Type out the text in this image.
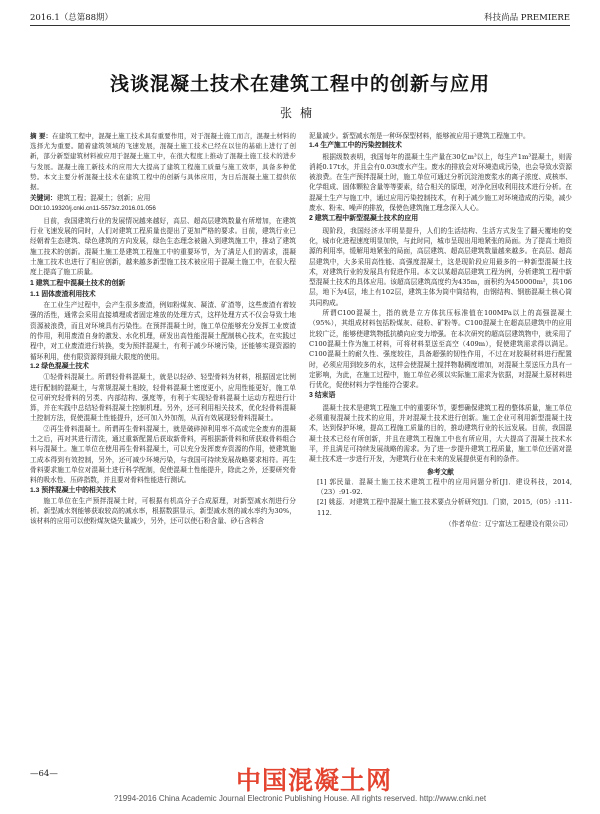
2016.1（总第88期）	科技尚品 PREMIERE
浅谈混凝土技术在建筑工程中的创新与应用
张楠
摘 要：在建筑工程中，混凝土施工技术具有重要作用，对于混凝土施工而言，混凝土材料的选择尤为重要。随着建筑领域的飞速发展，混凝土施工技术已经在以往的基础上进行了创新，部分新型建筑材料被应用于混凝土施工中，在很大程度上推动了混凝土施工技术的进步与发展。混凝土施工新技术的应用大大提高了建筑工程施工质量与施工效率，具备多种优势。本文主要分析混凝土技术在建筑工程中的创新与具体应用，为日后混凝土施工提供依据。
关键词：建筑工程；混凝土；创新；应用
DOI:10.19320/j.cnki.cn11-5573/z.2016.01.056

目前，我国建筑行业的发展情况越来越好，高层、超高层建筑数量有所增加，在建筑行业飞速发展的同时，人们对建筑工程质量也提出了更加严格的要求。目前，建筑行业已经朝着生态建筑、绿色建筑的方向发展，绿色生态理念被融入到建筑施工中，推动了建筑施工技术的创新。混凝土施工是建筑工程施工中的重要环节，为了满足人们的需求，混凝土施工技术也进行了相应创新，越来越多新型施工技术被应用于混凝土施工中，在很大程度上提高了施工质量。

1 建筑工程中混凝土技术的创新
1.1 固体废渣利用技术

在工业生产过程中，会产生很多废渣，例如粉煤灰、凝渣、矿渣等，这些废渣有着较强的活性，通常会采用直接填埋或者固定堆放的处理方式，这样处理方式不仅会导致土地资源被浪费，而且对环境具有污染性。在预拌混凝土时，施工单位能够充分发挥工业废渣的作用，利用废渣自身的激发、水化机理，研发出高性能混凝土配制核心技术，在实践过程中，对工业废渣进行转换，变为预拌混凝土，有利于减少环境污染，还能够实现资源的循环利用，使有限资源得到最大限度的使用。

1.2 绿色混凝土技术

①轻骨料混凝土。所谓轻骨料混凝土，就是以轻砂、轻型骨料为材料，根据固定比例进行配制的混凝土，与常规混凝土相较，轻骨料混凝土密度更小，应用性能更好，施工单位可研究轻骨料的另类、内部结构、强度等，有利于实现轻骨料混凝土运动方程进行计算，并在实践中总结轻骨料混凝土控制机理。另外，还可利用相关技术，优化轻骨料混凝土控制方法，促使混凝土性能提升，还可加入外加剂，从而有效展现轻骨料混凝土。

②再生骨料混凝土。所谓再生骨料混凝土，就是破碎掉利用率不高或完全废弃的混凝土之后，再对其进行清洗，通过重新配置后获取新骨料，再根据新骨料和所获取骨料组合料与混凝土。施工单位在使用再生骨料混凝土，可以充分发挥废弃资源的作用，使建筑施工成本得到有效控制，另外，还可减少环境污染，与我国可持续发展战略要求相符。再生骨料要求施工单位对混凝土进行科学配制，促使混凝土性能提升，除此之外，还要研究骨料的吸水性、压碎指数，并且要对骨料性能进行测试。

1.3 预拌混凝土中的相关技术

施工单位在生产预拌混凝土时，可根据有机高分子合成原理，对新型减水剂进行分析。新型减水剂能够获取较高的减水率，根据数据显示，新型减水剂的减水率约为30%，该材料的应用可以使粉煤灰烧失量减少，另外，还可以使石粉含量、砂石含料含

泥量减少。新型减水剂是一种环保型材料，能够被应用于建筑工程施工中。

1.4 生产施工中的污染控制技术

根据级数表明，我国每年的混凝土生产量在30亿m³以上，每生产1m³混凝土，则需消耗0.17t水，并且会有0.03t废水产生。废水的排放会对环境造成污染，也会导致水资源被浪费。在生产预拌混凝土时，施工单位可通过分析沉淀池废浆水的离子浓度、成核率、化学组成、固体颗粒含量等等要素，结合相关的原理，对净化回收利用技术进行分析。在混凝土生产与施工中，通过应用污染控制技术，有利于减少施工对环境造成的污染，减少废水、粉末、噪声的排放，保使色建筑施工理念深入人心。

2 建筑工程中新型混凝土技术的应用

现阶段，我国经济水平明显提升，人们的生活结构、生活方式发生了翻天覆地的变化，城市化进程速度明显加快，与此时同，城市呈现出用地紧张的局面。为了提高土地资源的利用率，缓解用地紧张的局面，高层建筑、超高层建筑数量越来越多。在高层、超高层建筑中，大多采用高性能、高强度混凝土，这是现阶段应用最多的一种新型混凝土技术，对建筑行业的发展具有促进作用。本文以某超高层建筑工程为例，分析建筑工程中新型混凝土技术的具体应用。该超高层建筑高度约为435m，面积约为450000m²，共106层，地下为4层，地上有102层，建筑主体为筒中筒结构，由钢结构、钢筋混凝土核心筒共同构成。

所谓C100混凝土，指的就是立方体抗压标准值在100MPa以上的高强混凝土（95%），其组成材料包括粉煤灰、硅粉、矿粉等。C100混凝土在超高层建筑中的应用比较广泛，能够使建筑物抵抗横向应变力增强。在本次研究的超高层建筑物中，就采用了C100混凝土作为施工材料，可将材料泵送至高空（409m），促使建筑需求得以满足。C100混凝土的耐久性、强度较往，具备超强的韧性作用，不过在对胶凝材料进行配置时，必须应用到较多的水，这样会使混凝土搅拌物黏稠度增加，对混凝土泵送压力具有一定影响，为此，在施工过程中，施工单位必须以实际施工需求为依据，对混凝土原材料进行优化，促使材料力学性能符合要求。

3 结束语

混凝土技术是建筑工程施工中的重要环节，要想确保建筑工程的整体质量，施工单位必须重视混凝土技术的应用，并对混凝土技术进行创新。施工企业可利用新型混凝土技术，达到保护环境，提高工程施工质量的目的，推动建筑行业的长远发展。目前，我国混凝土技术已经有所创新，并且在建筑工程施工中也有所应用，大大提高了混凝土技术水平，并且满足可持续发展战略的需求。为了进一步提升建筑工程质量，施工单位还需对混凝土技术进一步进行开发，为建筑行业在未来的发展提供更有利的条件。

参考文献

[1] 郭民量．混凝土施工技术建筑工程中的应用问题分析[J]．建设科技，2014,（23）:91-92.

[2] 姚蕊．对建筑工程中混凝土施工技术要点分析研究[J]．门窗，2015,（05）:111-112.

（作者单位：辽宁富达工程建设有限公司）
—64—	中国混凝土网
?1994-2016 China Academic Journal Electronic Publishing House. All rights reserved. http://www.cnki.net
